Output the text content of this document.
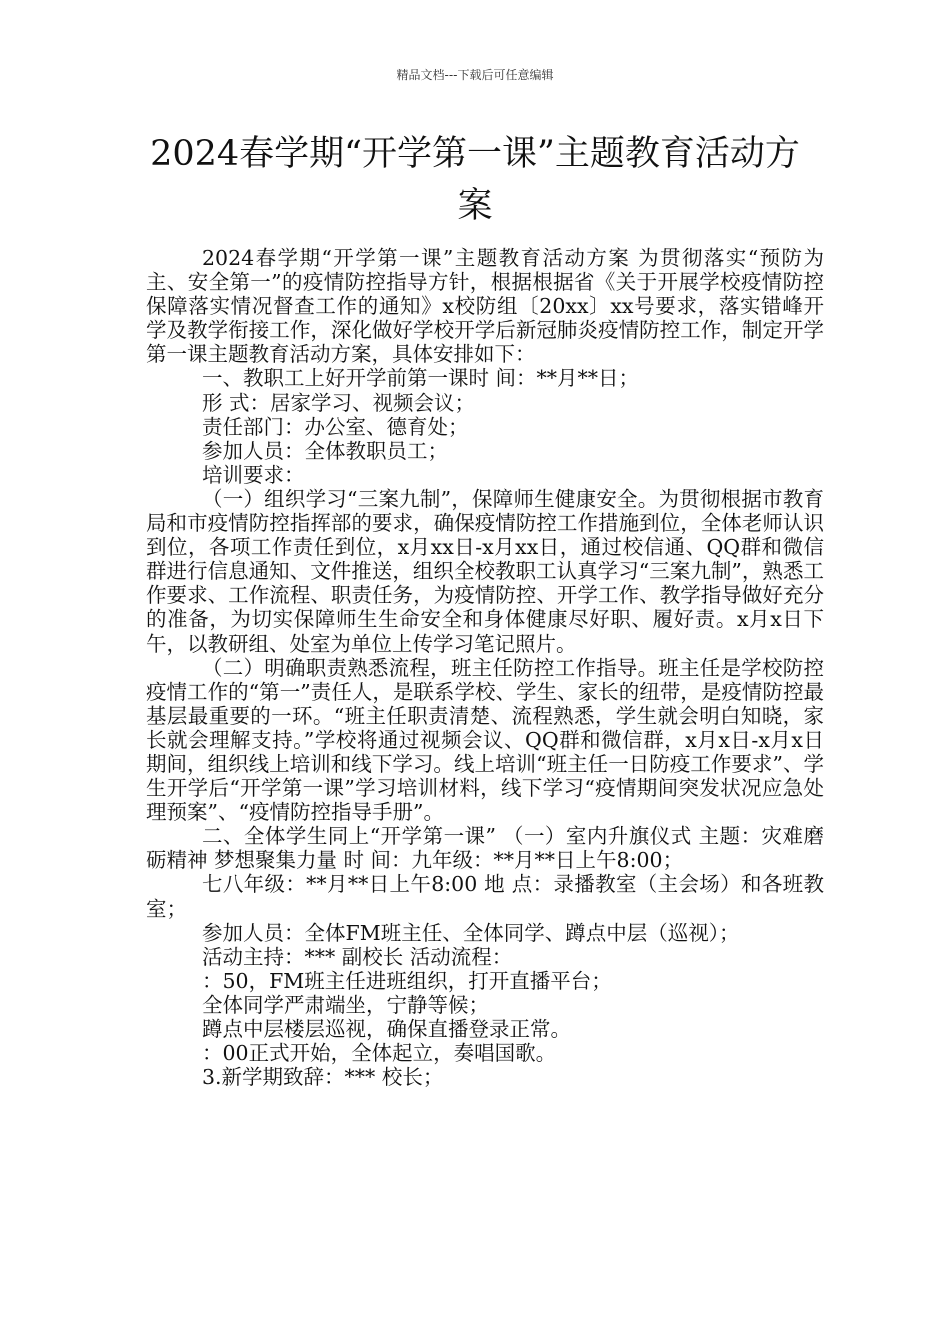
精品文档---下载后可任意编辑
2024春学期“开学第一课”主题教育活动方案

2024春学期“开学第一课”主题教育活动方案 为贯彻落实“预防为主、安全第一”的疫情防控指导方针，根据根据省《关于开展学校疫情防控保障落实情况督查工作的通知》x校防组〔20xx〕xx号要求，落实错峰开学及教学衔接工作，深化做好学校开学后新冠肺炎疫情防控工作，制定开学第一课主题教育活动方案，具体安排如下：

一、教职工上好开学前第一课时 间：**月**日；

形 式：居家学习、视频会议；

责任部门：办公室、德育处；

参加人员：全体教职员工；

培训要求：

（一）组织学习“三案九制”，保障师生健康安全。为贯彻根据市教育局和市疫情防控指挥部的要求，确保疫情防控工作措施到位，全体老师认识到位，各项工作责任到位，x月xx日-x月xx日，通过校信通、QQ群和微信群进行信息通知、文件推送，组织全校教职工认真学习“三案九制”，熟悉工作要求、工作流程、职责任务，为疫情防控、开学工作、教学指导做好充分的准备，为切实保障师生生命安全和身体健康尽好职、履好责。x月x日下午，以教研组、处室为单位上传学习笔记照片。

（二）明确职责熟悉流程，班主任防控工作指导。班主任是学校防控疫情工作的“第一”责任人，是联系学校、学生、家长的纽带，是疫情防控最基层最重要的一环。“班主任职责清楚、流程熟悉，学生就会明白知晓，家长就会理解支持。”学校将通过视频会议、QQ群和微信群，x月x日-x月x日期间，组织线上培训和线下学习。线上培训“班主任一日防疫工作要求”、学生开学后“开学第一课”学习培训材料，线下学习“疫情期间突发状况应急处理预案”、“疫情防控指导手册”。

二、全体学生同上“开学第一课” （一）室内升旗仪式 主题：灾难磨砺精神 梦想聚集力量 时 间：九年级：**月**日上午8:00；

七八年级：**月**日上午8:00 地 点：录播教室（主会场）和各班教室；

参加人员：全体FM班主任、全体同学、蹲点中层（巡视）；

活动主持：*** 副校长 活动流程：

：50，FM班主任进班组织，打开直播平台；

全体同学严肃端坐，宁静等候；

蹲点中层楼层巡视，确保直播登录正常。

：00正式开始，全体起立，奏唱国歌。

3.新学期致辞：*** 校长；
